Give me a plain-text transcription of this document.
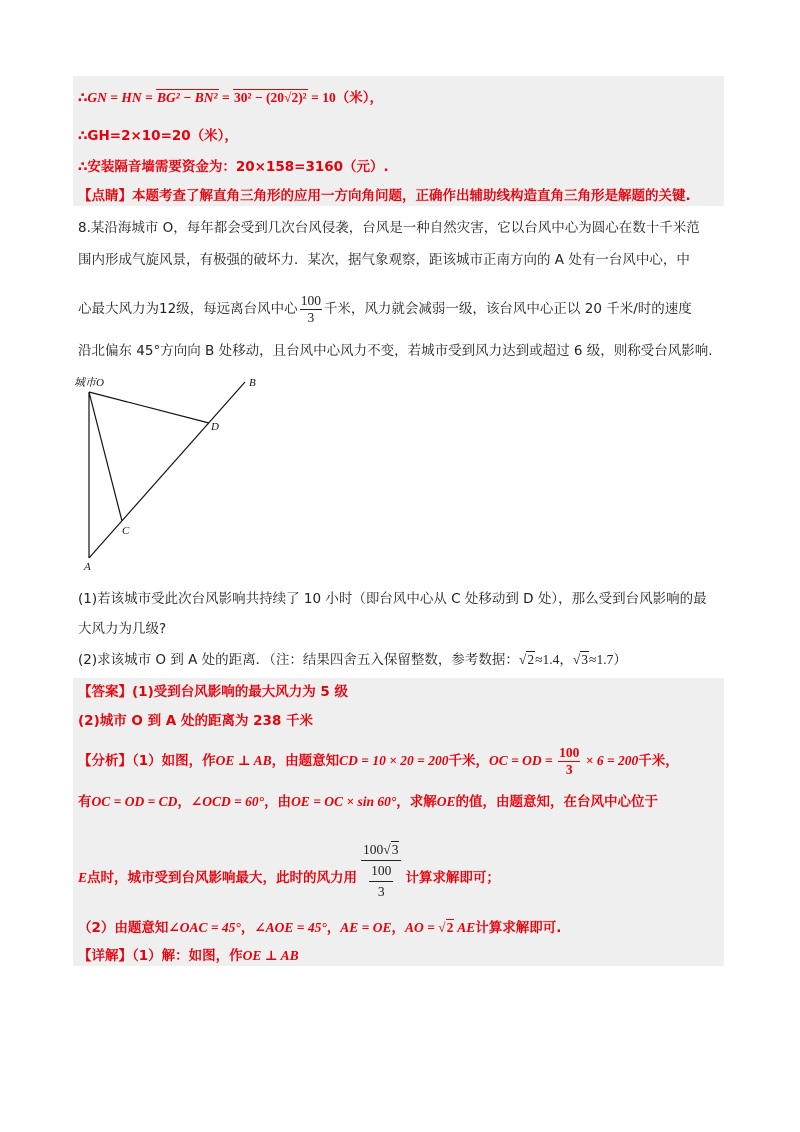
∴GN = HN = BG² − BN² = 30² − (20√2)² = 10（米），
∴GH=2×10=20（米），
∴安装隔音墙需要资金为：20×158=3160（元）.
【点睛】本题考查了解直角三角形的应用一方向角问题，正确作出辅助线构造直角三角形是解题的关键.
8.某沿海城市 O，每年都会受到几次台风侵袭，台风是一种自然灾害，它以台风中心为圆心在数十千米范
围内形成气旋风景，有极强的破坏力．某次，据气象观察，距该城市正南方向的 A 处有一台风中心，中
心最大风力为12级，每远离台风中心 $\frac{100}{3}$ 千米，风力就会减弱一级，该台风中心正以 20 千米/时的速度
沿北偏东 45°方向向 B 处移动，且台风中心风力不变，若城市受到风力达到或超过 6 级，则称受台风影响.
城市O	B
D
C
A
(1)若该城市受此次台风影响共持续了 10 小时（即台风中心从 C 处移动到 D 处），那么受到台风影响的最
大风力为几级?
(2)求该城市 O 到 A 处的距离．（注：结果四舍五入保留整数，参考数据：√2≈1.4，√3≈1.7）
【答案】(1)受到台风影响的最大风力为 5 级
(2)城市 O 到 A 处的距离为 238 千米
【分析】（1）如图，作OE ⊥ AB，由题意知CD = 10 × 20 = 200千米，OC = OD = $\frac{100}{3} \times 6 = 200$千米，
有OC = OD = CD，∠OCD = 60°，由OE = OC × sin 60°，求解OE的值，由题意知，在台风中心位于
E点时，城市受到台风影响最大，此时的风力用
100√3
100
3
计算求解即可；
（2）由题意知∠OAC = 45°，∠AOE = 45°，AE = OE，AO = √2 AE计算求解即可.
【详解】（1）解：如图，作OE ⊥ AB
